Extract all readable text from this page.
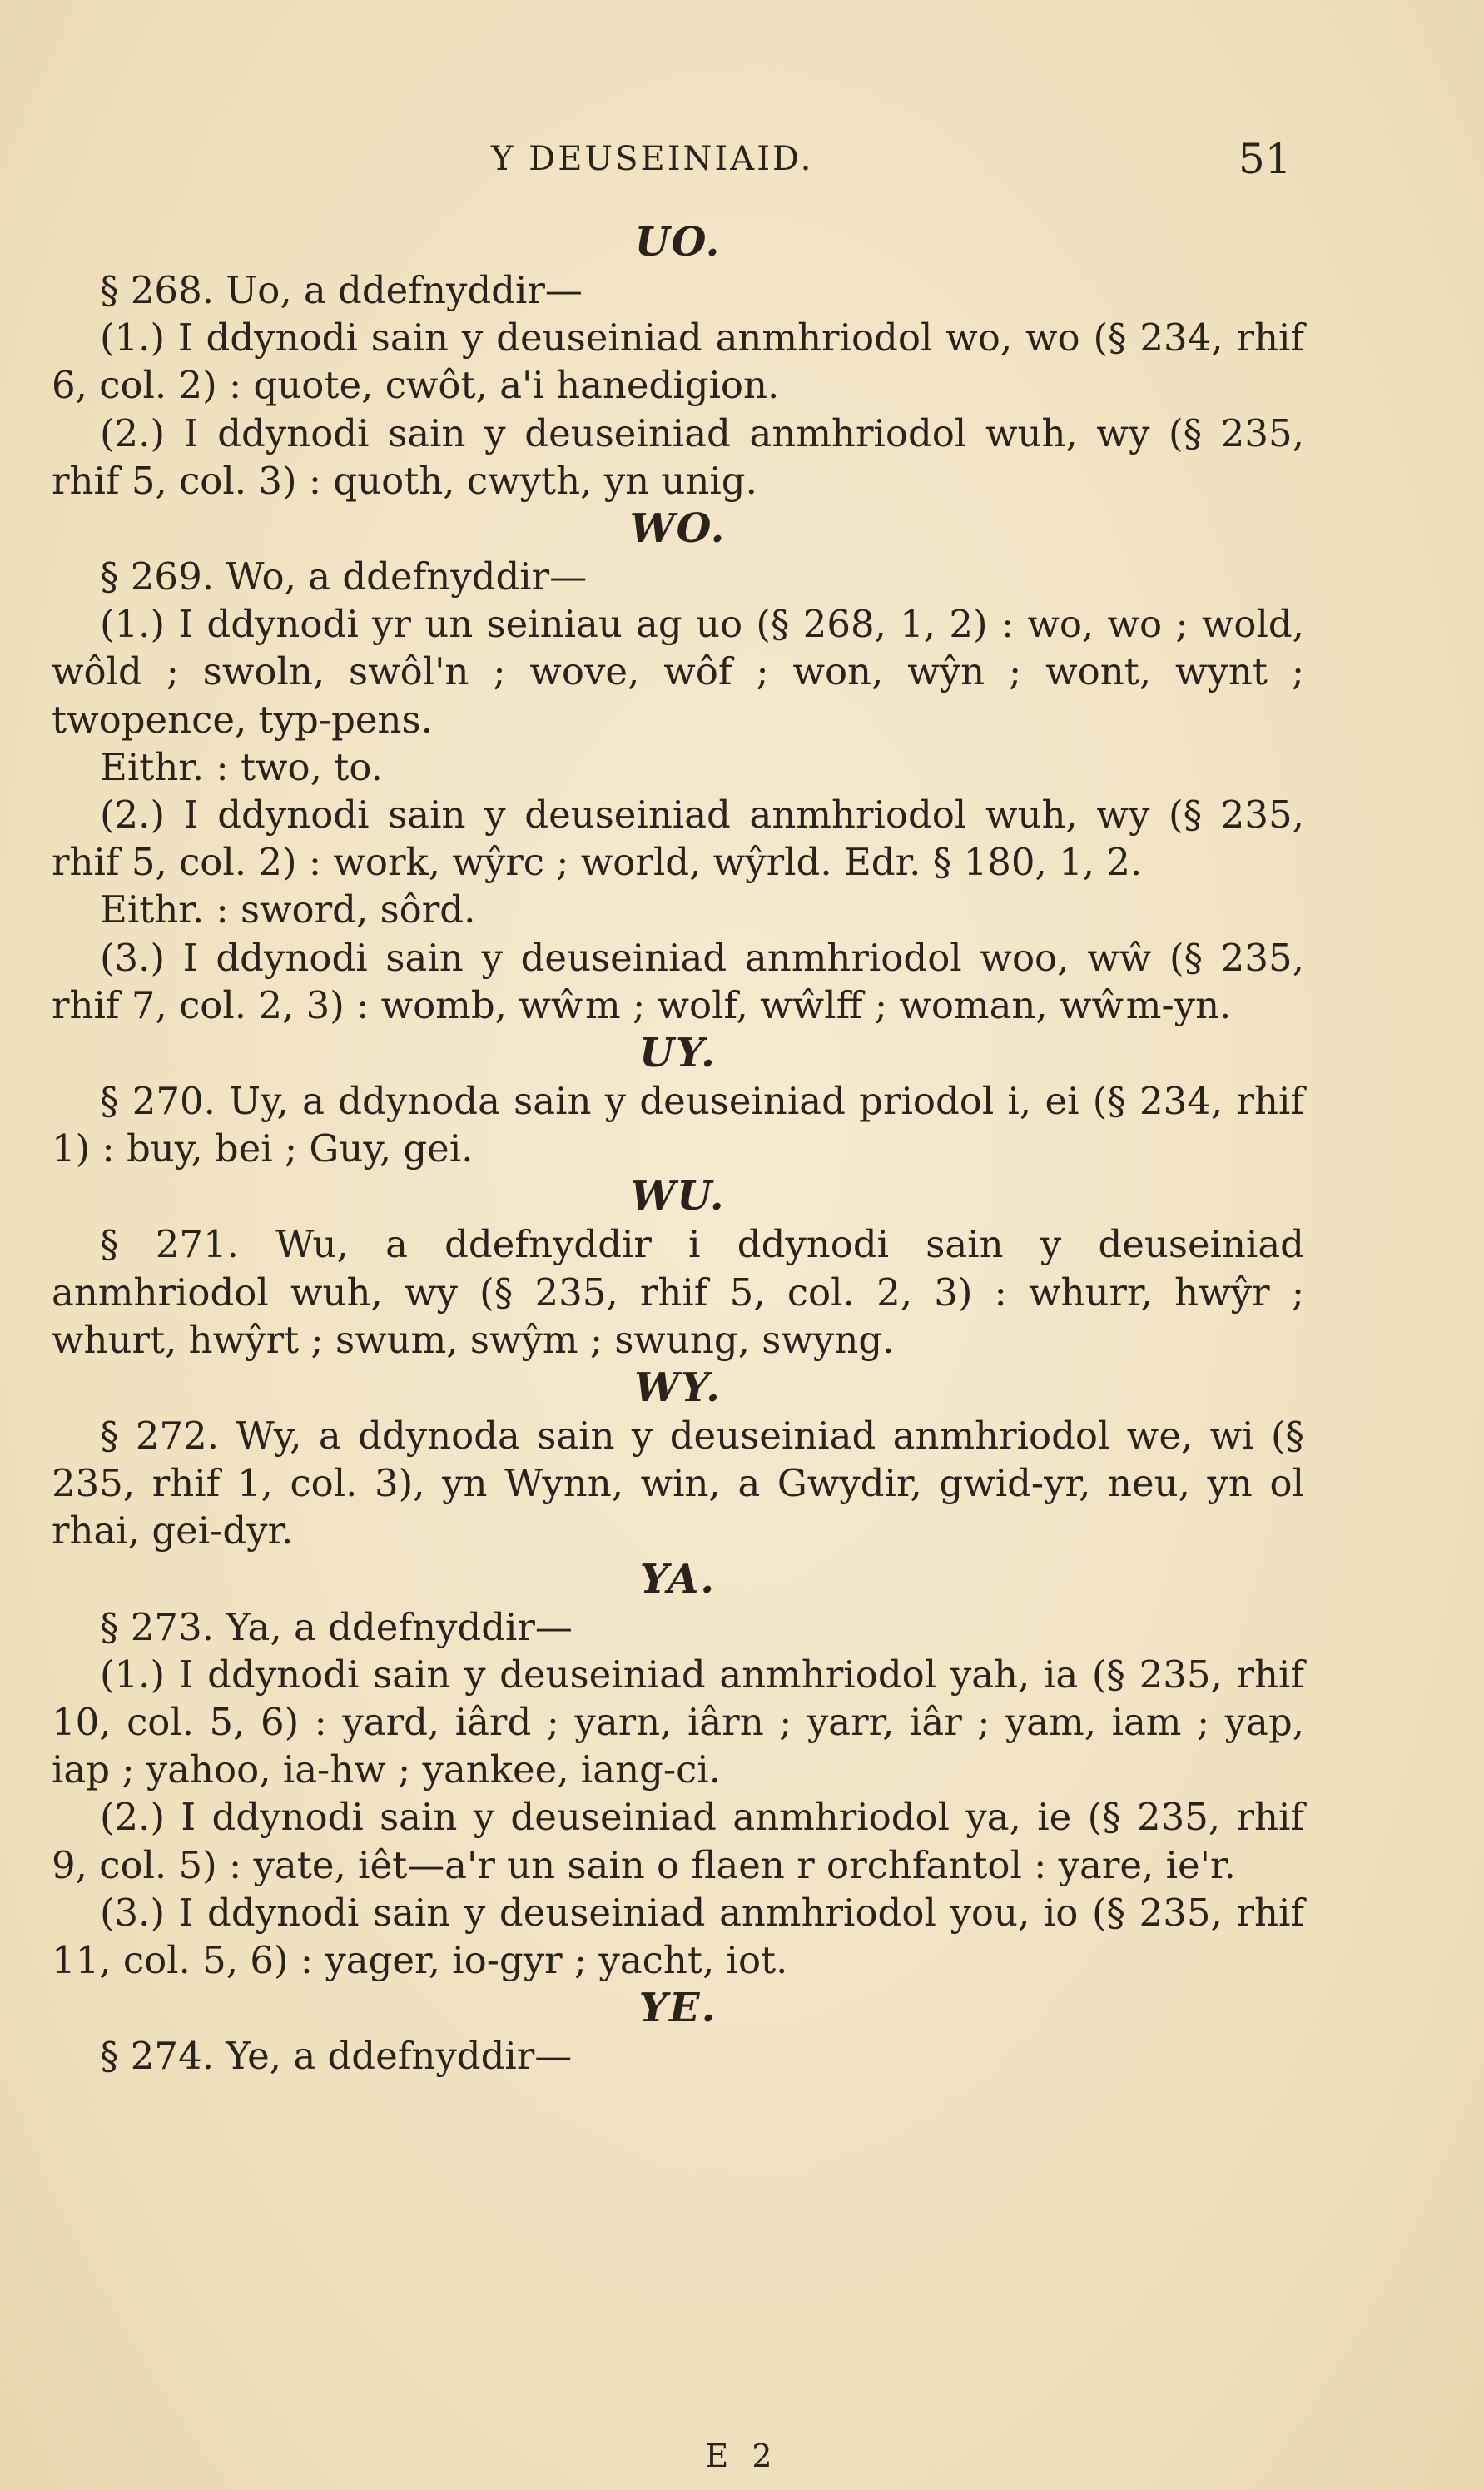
Y DEUSEINIAID.	51
UO.

§ 268. Uo, a ddefnyddir—

(1.) I ddynodi sain y deuseiniad anmhriodol wo, wo (§ 234, rhif 6, col. 2) : quote, cwôt, a'i hanedigion.

(2.) I ddynodi sain y deuseiniad anmhriodol wuh, wy (§ 235, rhif 5, col. 3) : quoth, cwyth, yn unig.

WO.

§ 269. Wo, a ddefnyddir—

(1.) I ddynodi yr un seiniau ag uo (§ 268, 1, 2) : wo, wo ; wold, wôld ; swoln, swôl'n ; wove, wôf ; won, wŷn ; wont, wynt ; twopence, typ-pens.

Eithr. : two, to.

(2.) I ddynodi sain y deuseiniad anmhriodol wuh, wy (§ 235, rhif 5, col. 2) : work, wŷrc ; world, wŷrld. Edr. § 180, 1, 2.

Eithr. : sword, sôrd.

(3.) I ddynodi sain y deuseiniad anmhriodol woo, wŵ (§ 235, rhif 7, col. 2, 3) : womb, wŵm ; wolf, wŵlff ; woman, wŵm-yn.

UY.

§ 270. Uy, a ddynoda sain y deuseiniad priodol i, ei (§ 234, rhif 1) : buy, bei ; Guy, gei.

WU.

§ 271. Wu, a ddefnyddir i ddynodi sain y deuseiniad anmhriodol wuh, wy (§ 235, rhif 5, col. 2, 3) : whurr, hwŷr ; whurt, hwŷrt ; swum, swŷm ; swung, swyng.

WY.

§ 272. Wy, a ddynoda sain y deuseiniad anmhriodol we, wi (§ 235, rhif 1, col. 3), yn Wynn, win, a Gwydir, gwid-yr, neu, yn ol rhai, gei-dyr.

YA.

§ 273. Ya, a ddefnyddir—

(1.) I ddynodi sain y deuseiniad anmhriodol yah, ia (§ 235, rhif 10, col. 5, 6) : yard, iârd ; yarn, iârn ; yarr, iâr ; yam, iam ; yap, iap ; yahoo, ia-hw ; yankee, iang-ci.

(2.) I ddynodi sain y deuseiniad anmhriodol ya, ie (§ 235, rhif 9, col. 5) : yate, iêt—a'r un sain o flaen r orchfantol : yare, ie'r.

(3.) I ddynodi sain y deuseiniad anmhriodol you, io (§ 235, rhif 11, col. 5, 6) : yager, io-gyr ; yacht, iot.

YE.

§ 274. Ye, a ddefnyddir—

E 2
